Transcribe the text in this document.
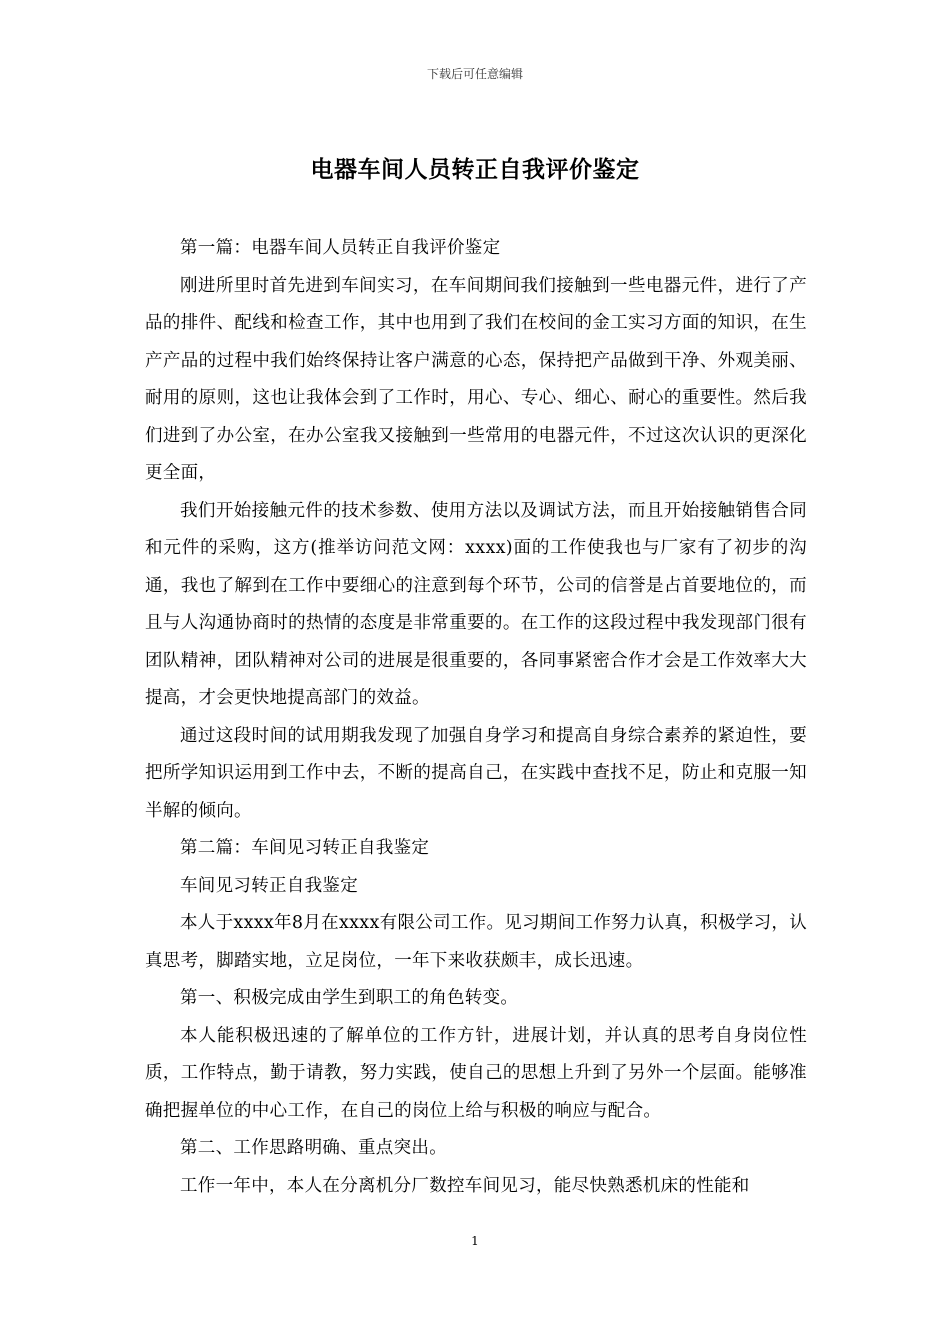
下载后可任意编辑
电器车间人员转正自我评价鉴定

第一篇：电器车间人员转正自我评价鉴定

刚进所里时首先进到车间实习，在车间期间我们接触到一些电器元件，进行了产品的排件、配线和检查工作，其中也用到了我们在校间的金工实习方面的知识，在生产产品的过程中我们始终保持让客户满意的心态，保持把产品做到干净、外观美丽、耐用的原则，这也让我体会到了工作时，用心、专心、细心、耐心的重要性。然后我们进到了办公室，在办公室我又接触到一些常用的电器元件，不过这次认识的更深化更全面，

我们开始接触元件的技术参数、使用方法以及调试方法，而且开始接触销售合同和元件的采购，这方(推举访问范文网：xxxx)面的工作使我也与厂家有了初步的沟通，我也了解到在工作中要细心的注意到每个环节，公司的信誉是占首要地位的，而且与人沟通协商时的热情的态度是非常重要的。在工作的这段过程中我发现部门很有团队精神，团队精神对公司的进展是很重要的，各同事紧密合作才会是工作效率大大提高，才会更快地提高部门的效益。

通过这段时间的试用期我发现了加强自身学习和提高自身综合素养的紧迫性，要把所学知识运用到工作中去，不断的提高自己，在实践中查找不足，防止和克服一知半解的倾向。

第二篇：车间见习转正自我鉴定

车间见习转正自我鉴定

本人于xxxx年8月在xxxx有限公司工作。见习期间工作努力认真，积极学习，认真思考，脚踏实地，立足岗位，一年下来收获颇丰，成长迅速。

第一、积极完成由学生到职工的角色转变。

本人能积极迅速的了解单位的工作方针，进展计划，并认真的思考自身岗位性质，工作特点，勤于请教，努力实践，使自己的思想上升到了另外一个层面。能够准确把握单位的中心工作，在自己的岗位上给与积极的响应与配合。

第二、工作思路明确、重点突出。

工作一年中，本人在分离机分厂数控车间见习，能尽快熟悉机床的性能和

1
